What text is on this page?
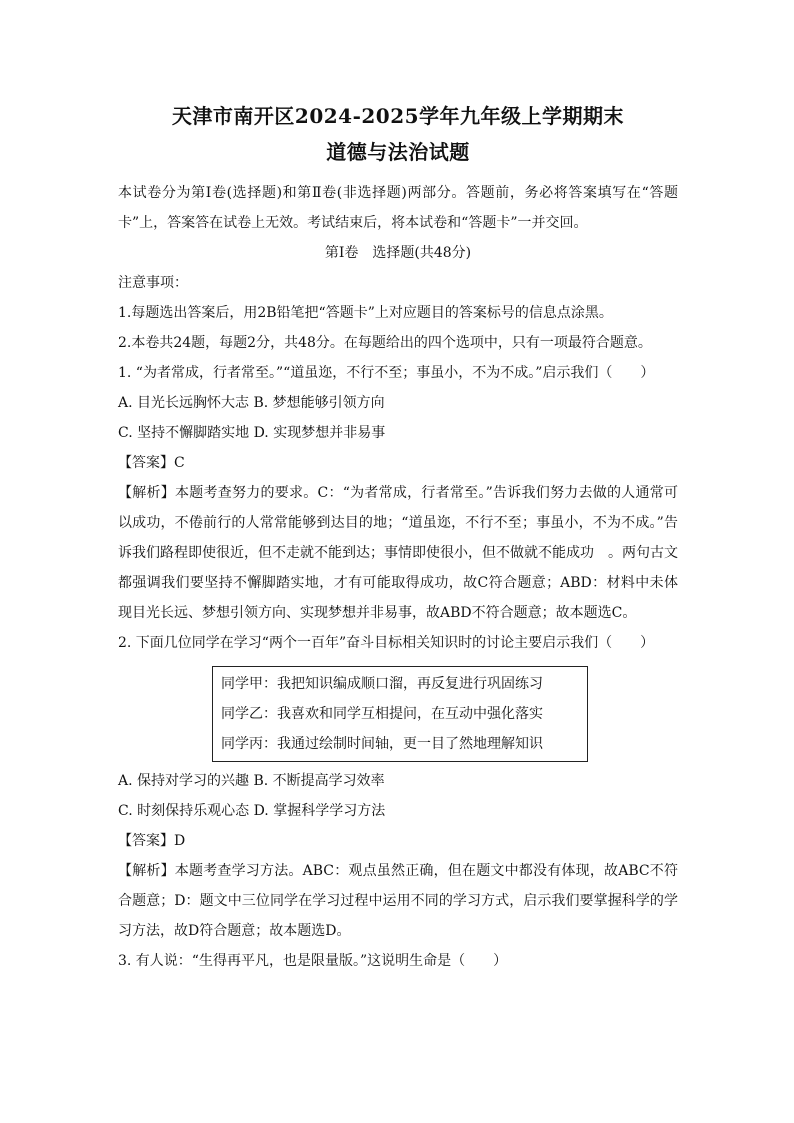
天津市南开区2024-2025学年九年级上学期期末
道德与法治试题

本试卷分为第Ⅰ卷(选择题)和第Ⅱ卷(非选择题)两部分。答题前，务必将答案填写在“答题卡”上，答案答在试卷上无效。考试结束后，将本试卷和“答题卡”一并交回。

第Ⅰ卷　选择题(共48分)

注意事项：

1.每题选出答案后，用2B铅笔把“答题卡”上对应题目的答案标号的信息点涂黑。

2.本卷共24题，每题2分，共48分。在每题给出的四个选项中，只有一项最符合题意。

1. “为者常成，行者常至。”“道虽迩，不行不至；事虽小，不为不成。”启示我们（　　）

A. 目光长远胸怀大志 B. 梦想能够引领方向

C. 坚持不懈脚踏实地 D. 实现梦想并非易事

【答案】C

【解析】本题考查努力的要求。C：“为者常成，行者常至。”告诉我们努力去做的人通常可以成功，不倦前行的人常常能够到达目的地；“道虽迩，不行不至；事虽小，不为不成。”告诉我们路程即使很近，但不走就不能到达；事情即使很小，但不做就不能成功　。两句古文都强调我们要坚持不懈脚踏实地，才有可能取得成功，故C符合题意；ABD：材料中未体现目光长远、梦想引领方向、实现梦想并非易事，故ABD不符合题意；故本题选C。

2. 下面几位同学在学习“两个一百年”奋斗目标相关知识时的讨论主要启示我们（　　）

同学甲：我把知识编成顺口溜，再反复进行巩固练习

同学乙：我喜欢和同学互相提问，在互动中强化落实

同学丙：我通过绘制时间轴，更一目了然地理解知识

A. 保持对学习的兴趣 B. 不断提高学习效率

C. 时刻保持乐观心态 D. 掌握科学学习方法

【答案】D

【解析】本题考查学习方法。ABC：观点虽然正确，但在题文中都没有体现，故ABC不符合题意；D：题文中三位同学在学习过程中运用不同的学习方式，启示我们要掌握科学的学习方法，故D符合题意；故本题选D。

3. 有人说：“生得再平凡，也是限量版。”这说明生命是（　　）
